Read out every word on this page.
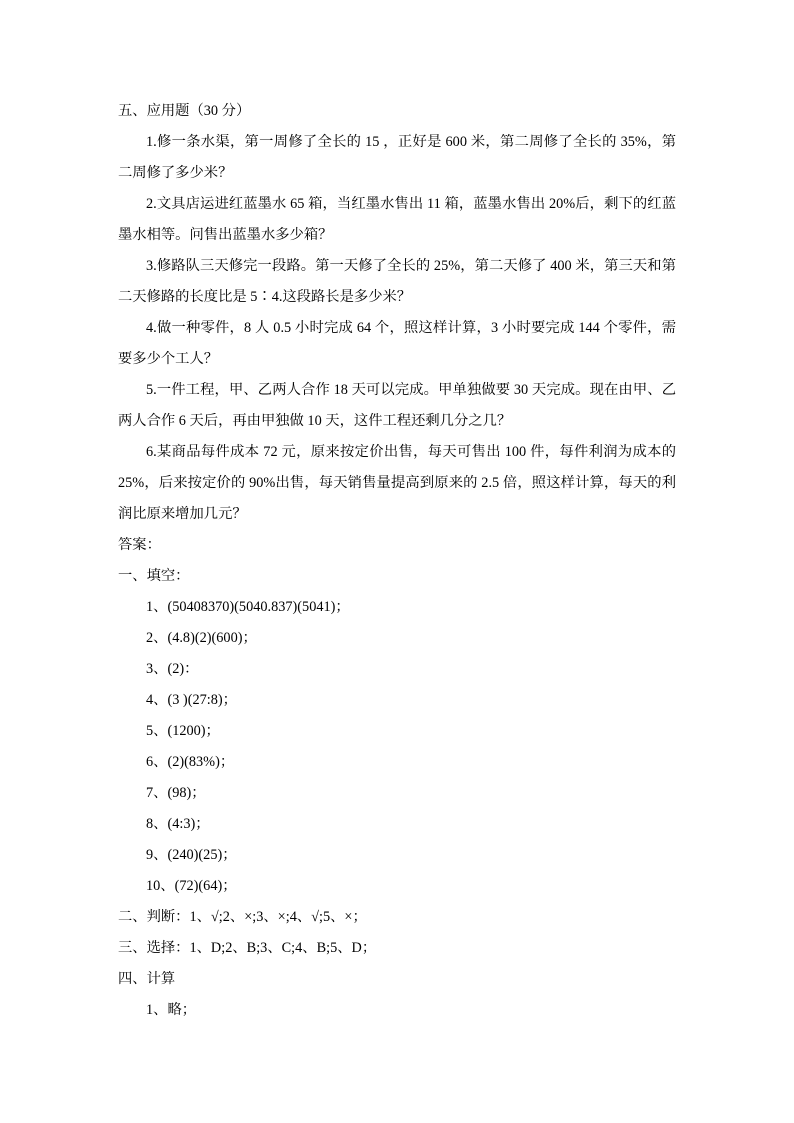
五、应用题（30 分）

1.修一条水渠，第一周修了全长的 15 ，正好是 600 米，第二周修了全长的 35%，第二周修了多少米？

2.文具店运进红蓝墨水 65 箱，当红墨水售出 11 箱，蓝墨水售出 20%后，剩下的红蓝墨水相等。问售出蓝墨水多少箱？

3.修路队三天修完一段路。第一天修了全长的 25%，第二天修了 400 米，第三天和第二天修路的长度比是 5∶4.这段路长是多少米？

4.做一种零件，8 人 0.5 小时完成 64 个，照这样计算，3 小时要完成 144 个零件，需要多少个工人？

5.一件工程，甲、乙两人合作 18 天可以完成。甲单独做要 30 天完成。现在由甲、乙两人合作 6 天后，再由甲独做 10 天，这件工程还剩几分之几？

6.某商品每件成本 72 元，原来按定价出售，每天可售出 100 件，每件利润为成本的 25%，后来按定价的 90%出售，每天销售量提高到原来的 2.5 倍，照这样计算，每天的利润比原来增加几元？

答案：

一、填空：

1、(50408370)(5040.837)(5041)；

2、(4.8)(2)(600)；

3、(2)：

4、(3 )(27:8)；

5、(1200)；

6、(2)(83%)；

7、(98)；

8、(4:3)；

9、(240)(25)；

10、(72)(64)；

二、判断：1、√;2、×;3、×;4、√;5、×；

三、选择：1、D;2、B;3、C;4、B;5、D；

四、计算

1、略；
